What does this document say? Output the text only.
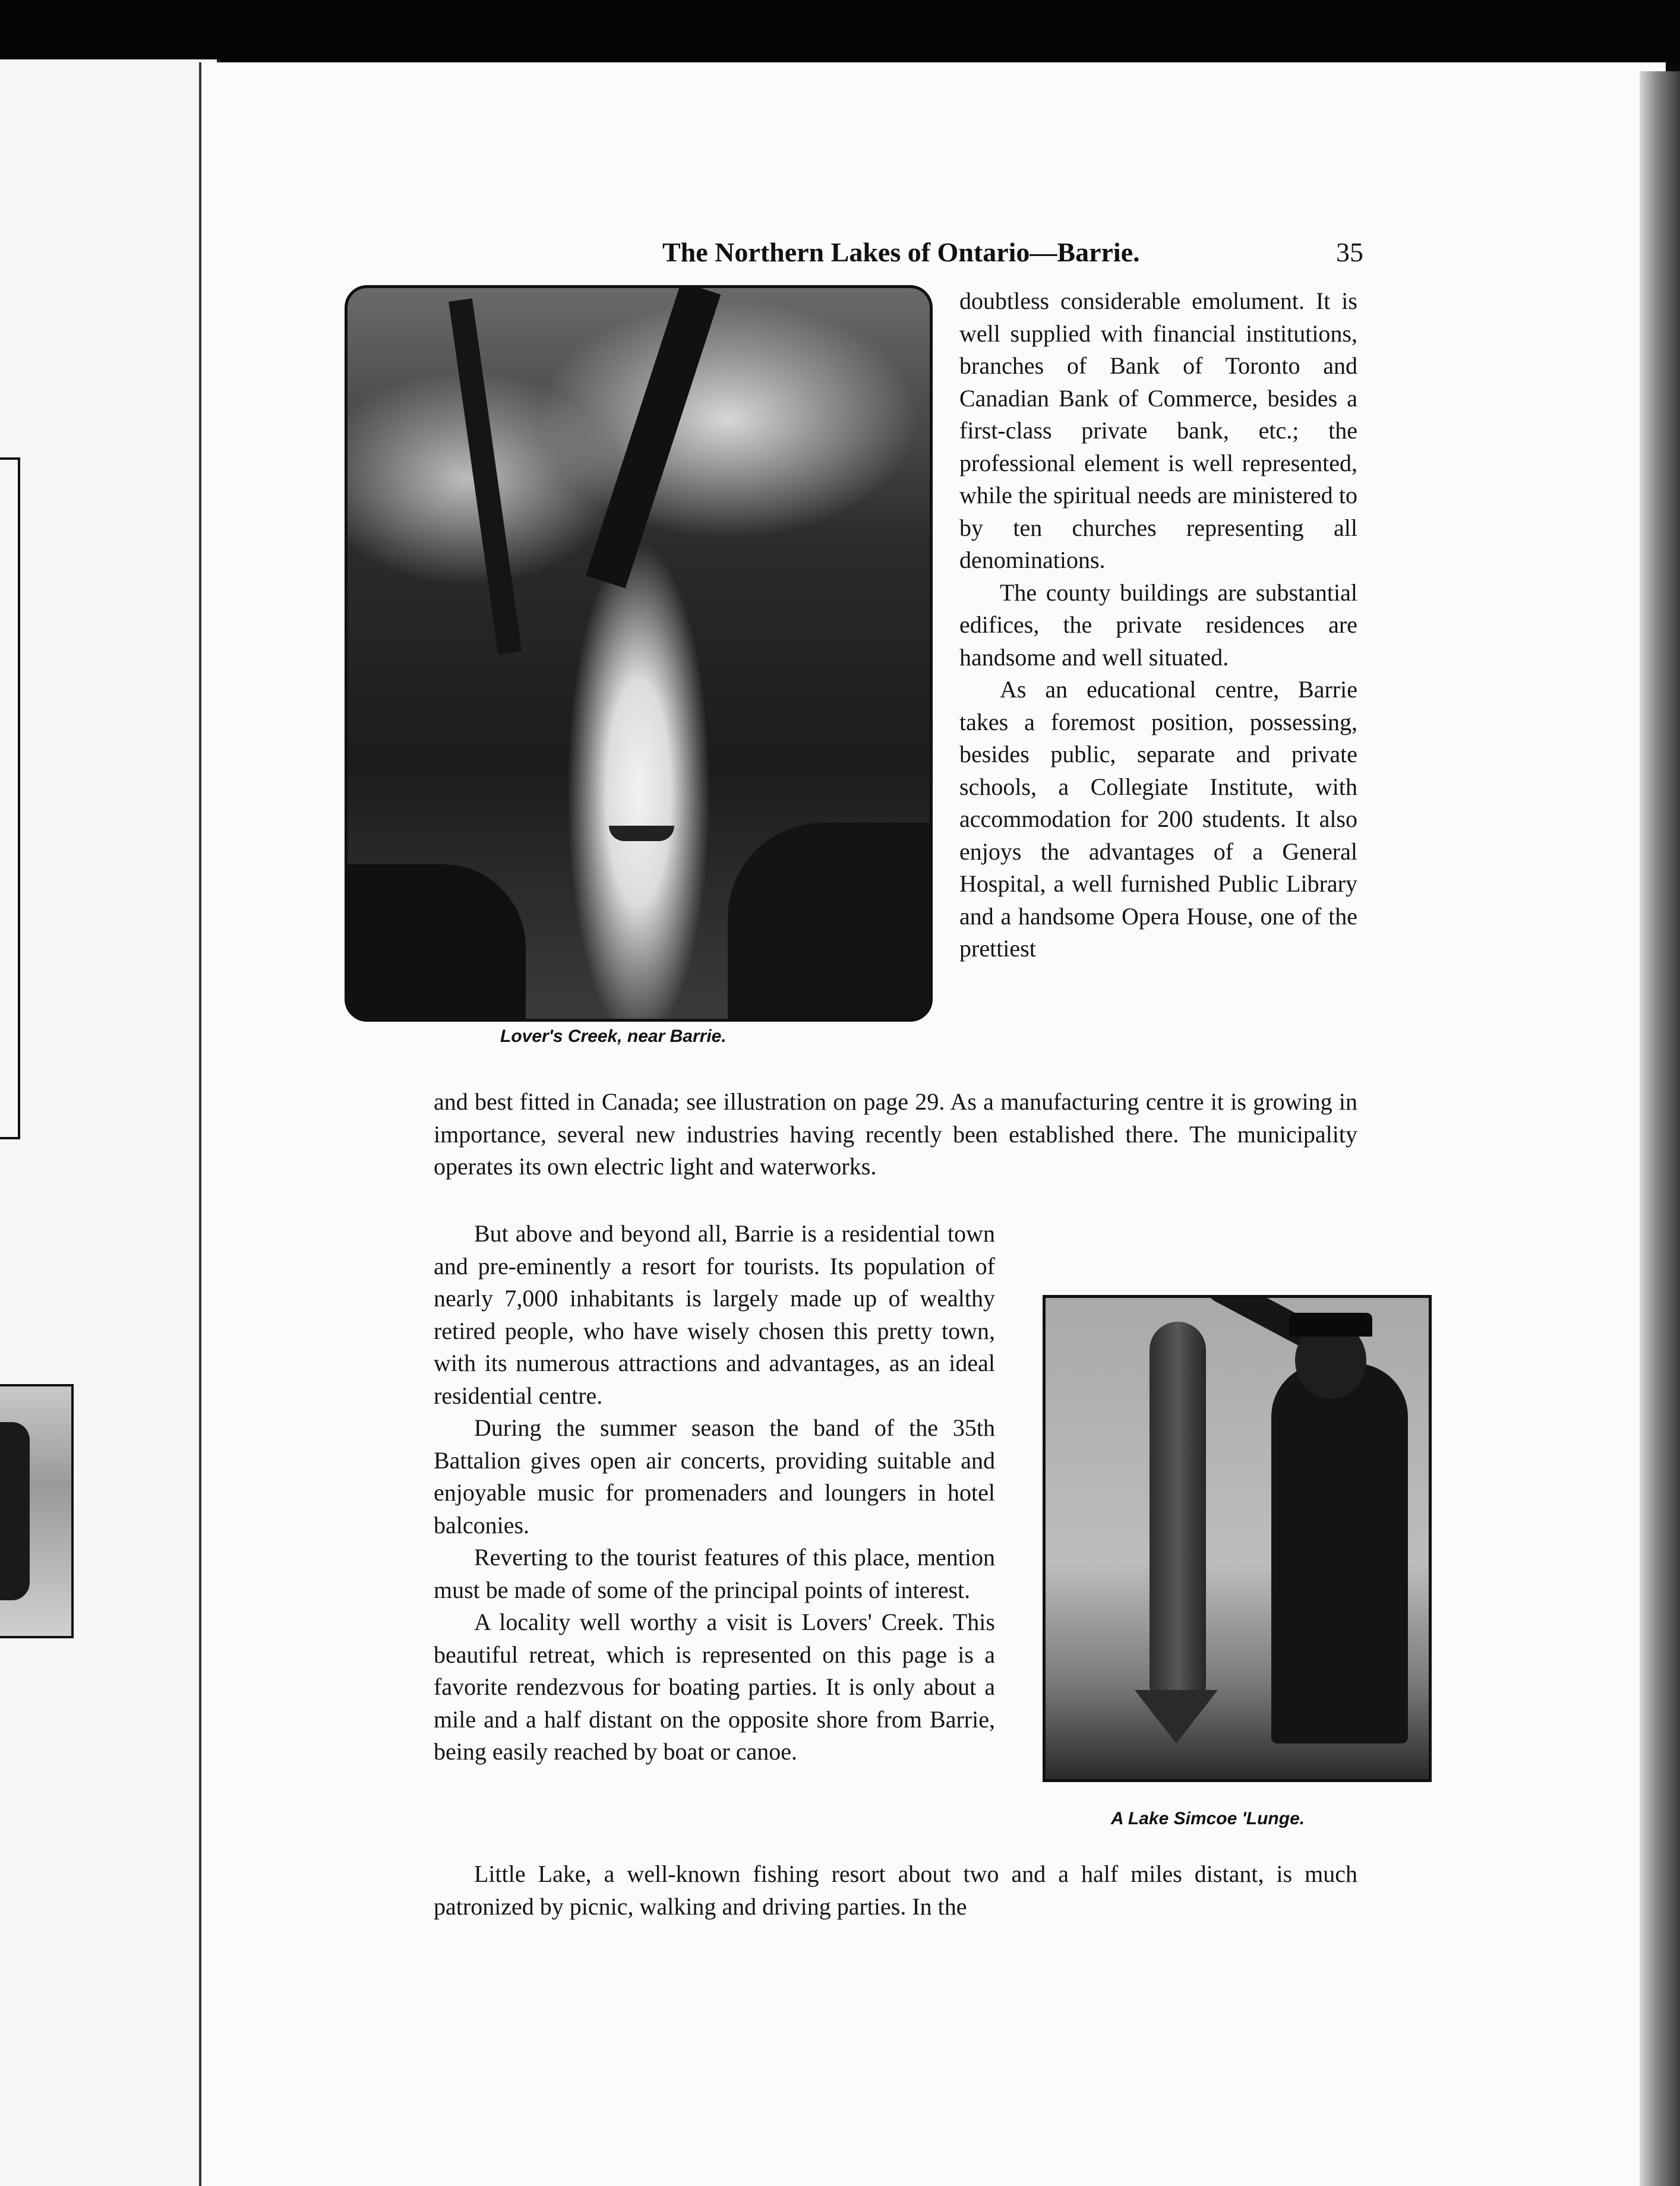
The Northern Lakes of Ontario—Barrie.	35
Lover's Creek, near Barrie.
A Lake Simcoe 'Lunge.

doubtless considerable emolument. It is well supplied with financial institutions, branches of Bank of Toronto and Canadian Bank of Commerce, besides a first-class private bank, etc.; the professional element is well represented, while the spiritual needs are ministered to by ten churches representing all denominations.

The county buildings are substantial edifices, the private residences are handsome and well situated.

As an educational centre, Barrie takes a foremost position, possessing, besides public, separate and private schools, a Collegiate Institute, with accommodation for 200 students. It also enjoys the advantages of a General Hospital, a well furnished Public Library and a handsome Opera House, one of the prettiest

and best fitted in Canada; see illustration on page 29. As a manufacturing centre it is growing in importance, several new industries having recently been established there. The municipality operates its own electric light and waterworks.

But above and beyond all, Barrie is a residential town and pre-eminently a resort for tourists. Its population of nearly 7,000 inhabitants is largely made up of wealthy retired people, who have wisely chosen this pretty town, with its numerous attractions and advantages, as an ideal residential centre.

During the summer season the band of the 35th Battalion gives open air concerts, providing suitable and enjoyable music for promenaders and loungers in hotel balconies.

Reverting to the tourist features of this place, mention must be made of some of the principal points of interest.

A locality well worthy a visit is Lovers' Creek. This beautiful retreat, which is represented on this page is a favorite rendezvous for boating parties. It is only about a mile and a half distant on the opposite shore from Barrie, being easily reached by boat or canoe.

Little Lake, a well-known fishing resort about two and a half miles distant, is much patronized by picnic, walking and driving parties. In the
